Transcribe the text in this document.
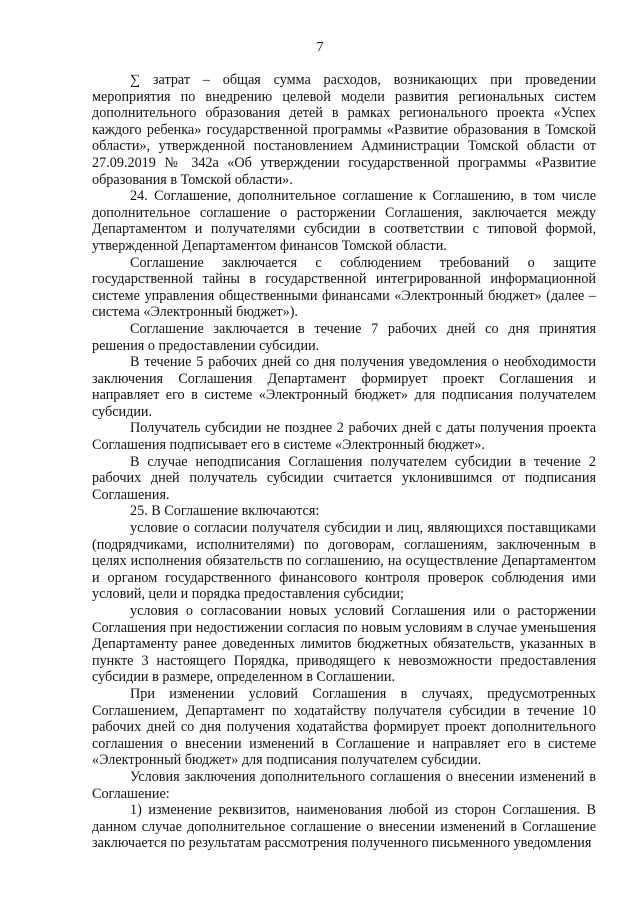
7

∑ затрат – общая сумма расходов, возникающих при проведении мероприятия по внедрению целевой модели развития региональных систем дополнительного образования детей в рамках регионального проекта «Успех каждого ребенка» государственной программы «Развитие образования в Томской области», утвержденной постановлением Администрации Томской области от 27.09.2019 № 342а «Об утверждении государственной программы «Развитие образования в Томской области».

24. Соглашение, дополнительное соглашение к Соглашению, в том числе дополнительное соглашение о расторжении Соглашения, заключается между Департаментом и получателями субсидии в соответствии с типовой формой, утвержденной Департаментом финансов Томской области.

Соглашение заключается с соблюдением требований о защите государственной тайны в государственной интегрированной информационной системе управления общественными финансами «Электронный бюджет» (далее – система «Электронный бюджет»).

Соглашение заключается в течение 7 рабочих дней со дня принятия решения о предоставлении субсидии.

В течение 5 рабочих дней со дня получения уведомления о необходимости заключения Соглашения Департамент формирует проект Соглашения и направляет его в системе «Электронный бюджет» для подписания получателем субсидии.

Получатель субсидии не позднее 2 рабочих дней с даты получения проекта Соглашения подписывает его в системе «Электронный бюджет».

В случае неподписания Соглашения получателем субсидии в течение 2 рабочих дней получатель субсидии считается уклонившимся от подписания Соглашения.

25. В Соглашение включаются:

условие о согласии получателя субсидии и лиц, являющихся поставщиками (подрядчиками, исполнителями) по договорам, соглашениям, заключенным в целях исполнения обязательств по соглашению, на осуществление Департаментом и органом государственного финансового контроля проверок соблюдения ими условий, цели и порядка предоставления субсидии;

условия о согласовании новых условий Соглашения или о расторжении Соглашения при недостижении согласия по новым условиям в случае уменьшения Департаменту ранее доведенных лимитов бюджетных обязательств, указанных в пункте 3 настоящего Порядка, приводящего к невозможности предоставления субсидии в размере, определенном в Соглашении.

При изменении условий Соглашения в случаях, предусмотренных Соглашением, Департамент по ходатайству получателя субсидии в течение 10 рабочих дней со дня получения ходатайства формирует проект дополнительного соглашения о внесении изменений в Соглашение и направляет его в системе «Электронный бюджет» для подписания получателем субсидии.

Условия заключения дополнительного соглашения о внесении изменений в Соглашение:

1) изменение реквизитов, наименования любой из сторон Соглашения. В данном случае дополнительное соглашение о внесении изменений в Соглашение заключается по результатам рассмотрения полученного письменного уведомления
